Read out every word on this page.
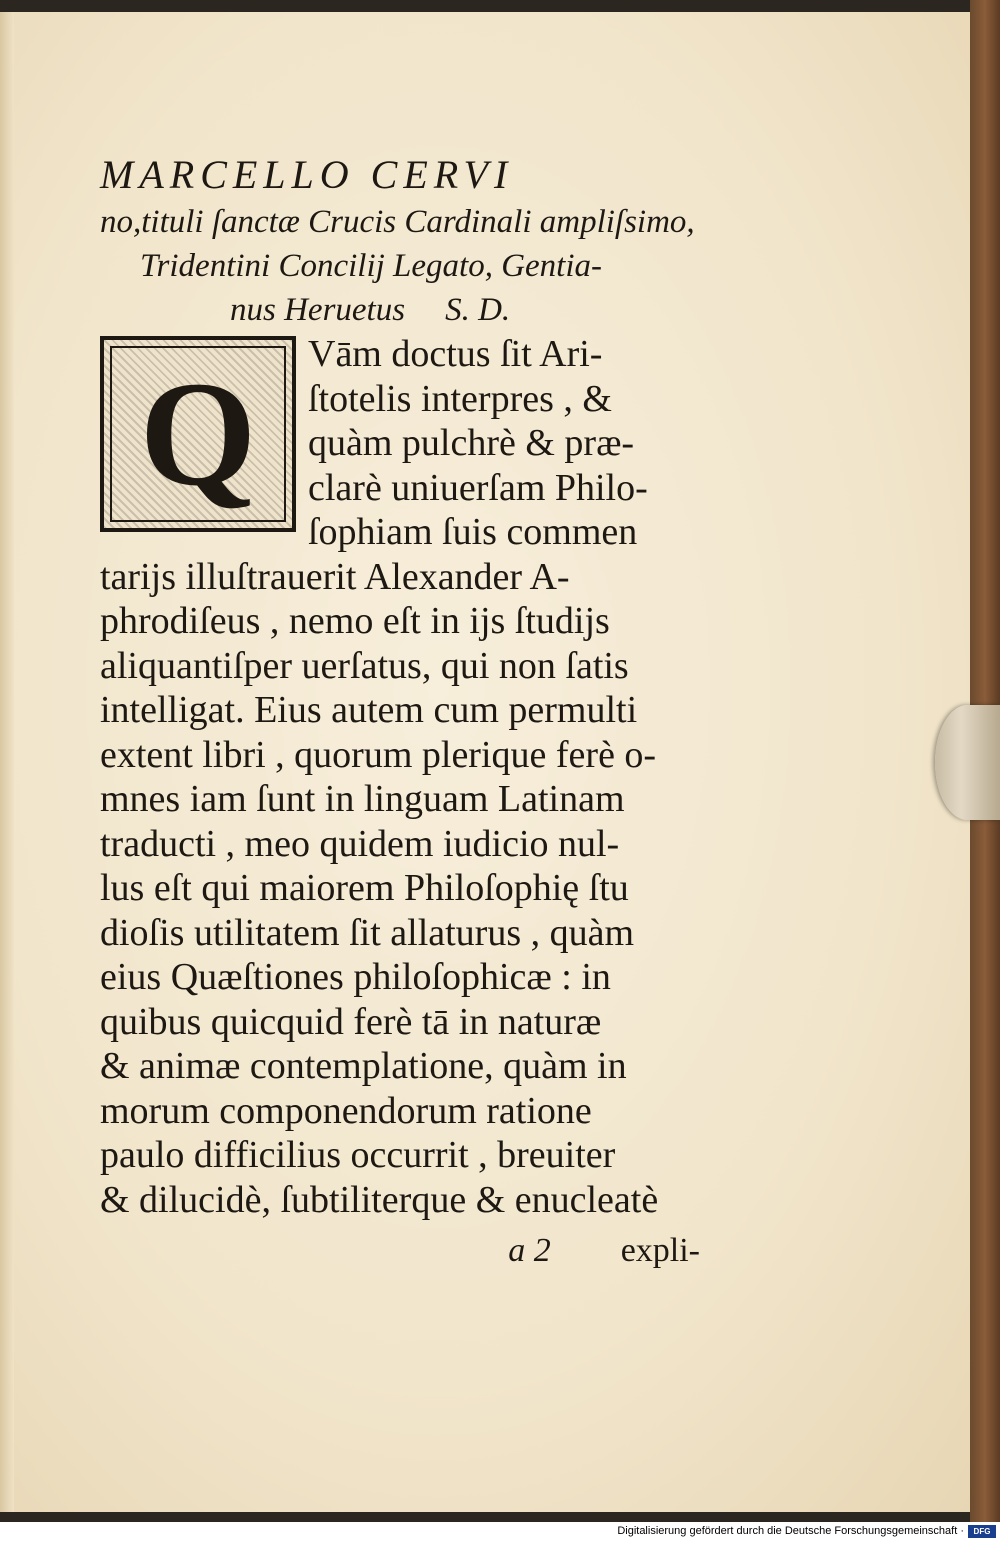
MARCELLO CERVI

no,tituli ſanctæ Crucis Cardinali ampliſsimo,

Tridentini Concilij Legato, Gentia-

nus Heruetus S. D.

Q	Vām doctus ſit Ari-

ſtotelis interpres , &

quàm pulchrè & præ-

clarè uniuerſam Philo-

ſophiam ſuis commen

tarijs illuſtrauerit Alexander A-

phrodiſeus , nemo eſt in ijs ſtudijs

aliquantiſper uerſatus, qui non ſatis

intelligat. Eius autem cum permulti

extent libri , quorum plerique ferè o-

mnes iam ſunt in linguam Latinam

traducti , meo quidem iudicio nul-

lus eſt qui maiorem Philoſophię ſtu

dioſis utilitatem ſit allaturus , quàm

eius Quæſtiones philoſophicæ : in

quibus quicquid ferè tā in naturæ

& animæ contemplatione, quàm in

morum componendorum ratione

paulo difficilius occurrit , breuiter

& dilucidè, ſubtiliterque & enucleatè

a 2 expli-
Digitalisierung gefördert durch die Deutsche Forschungsgemeinschaft ·	DFG
